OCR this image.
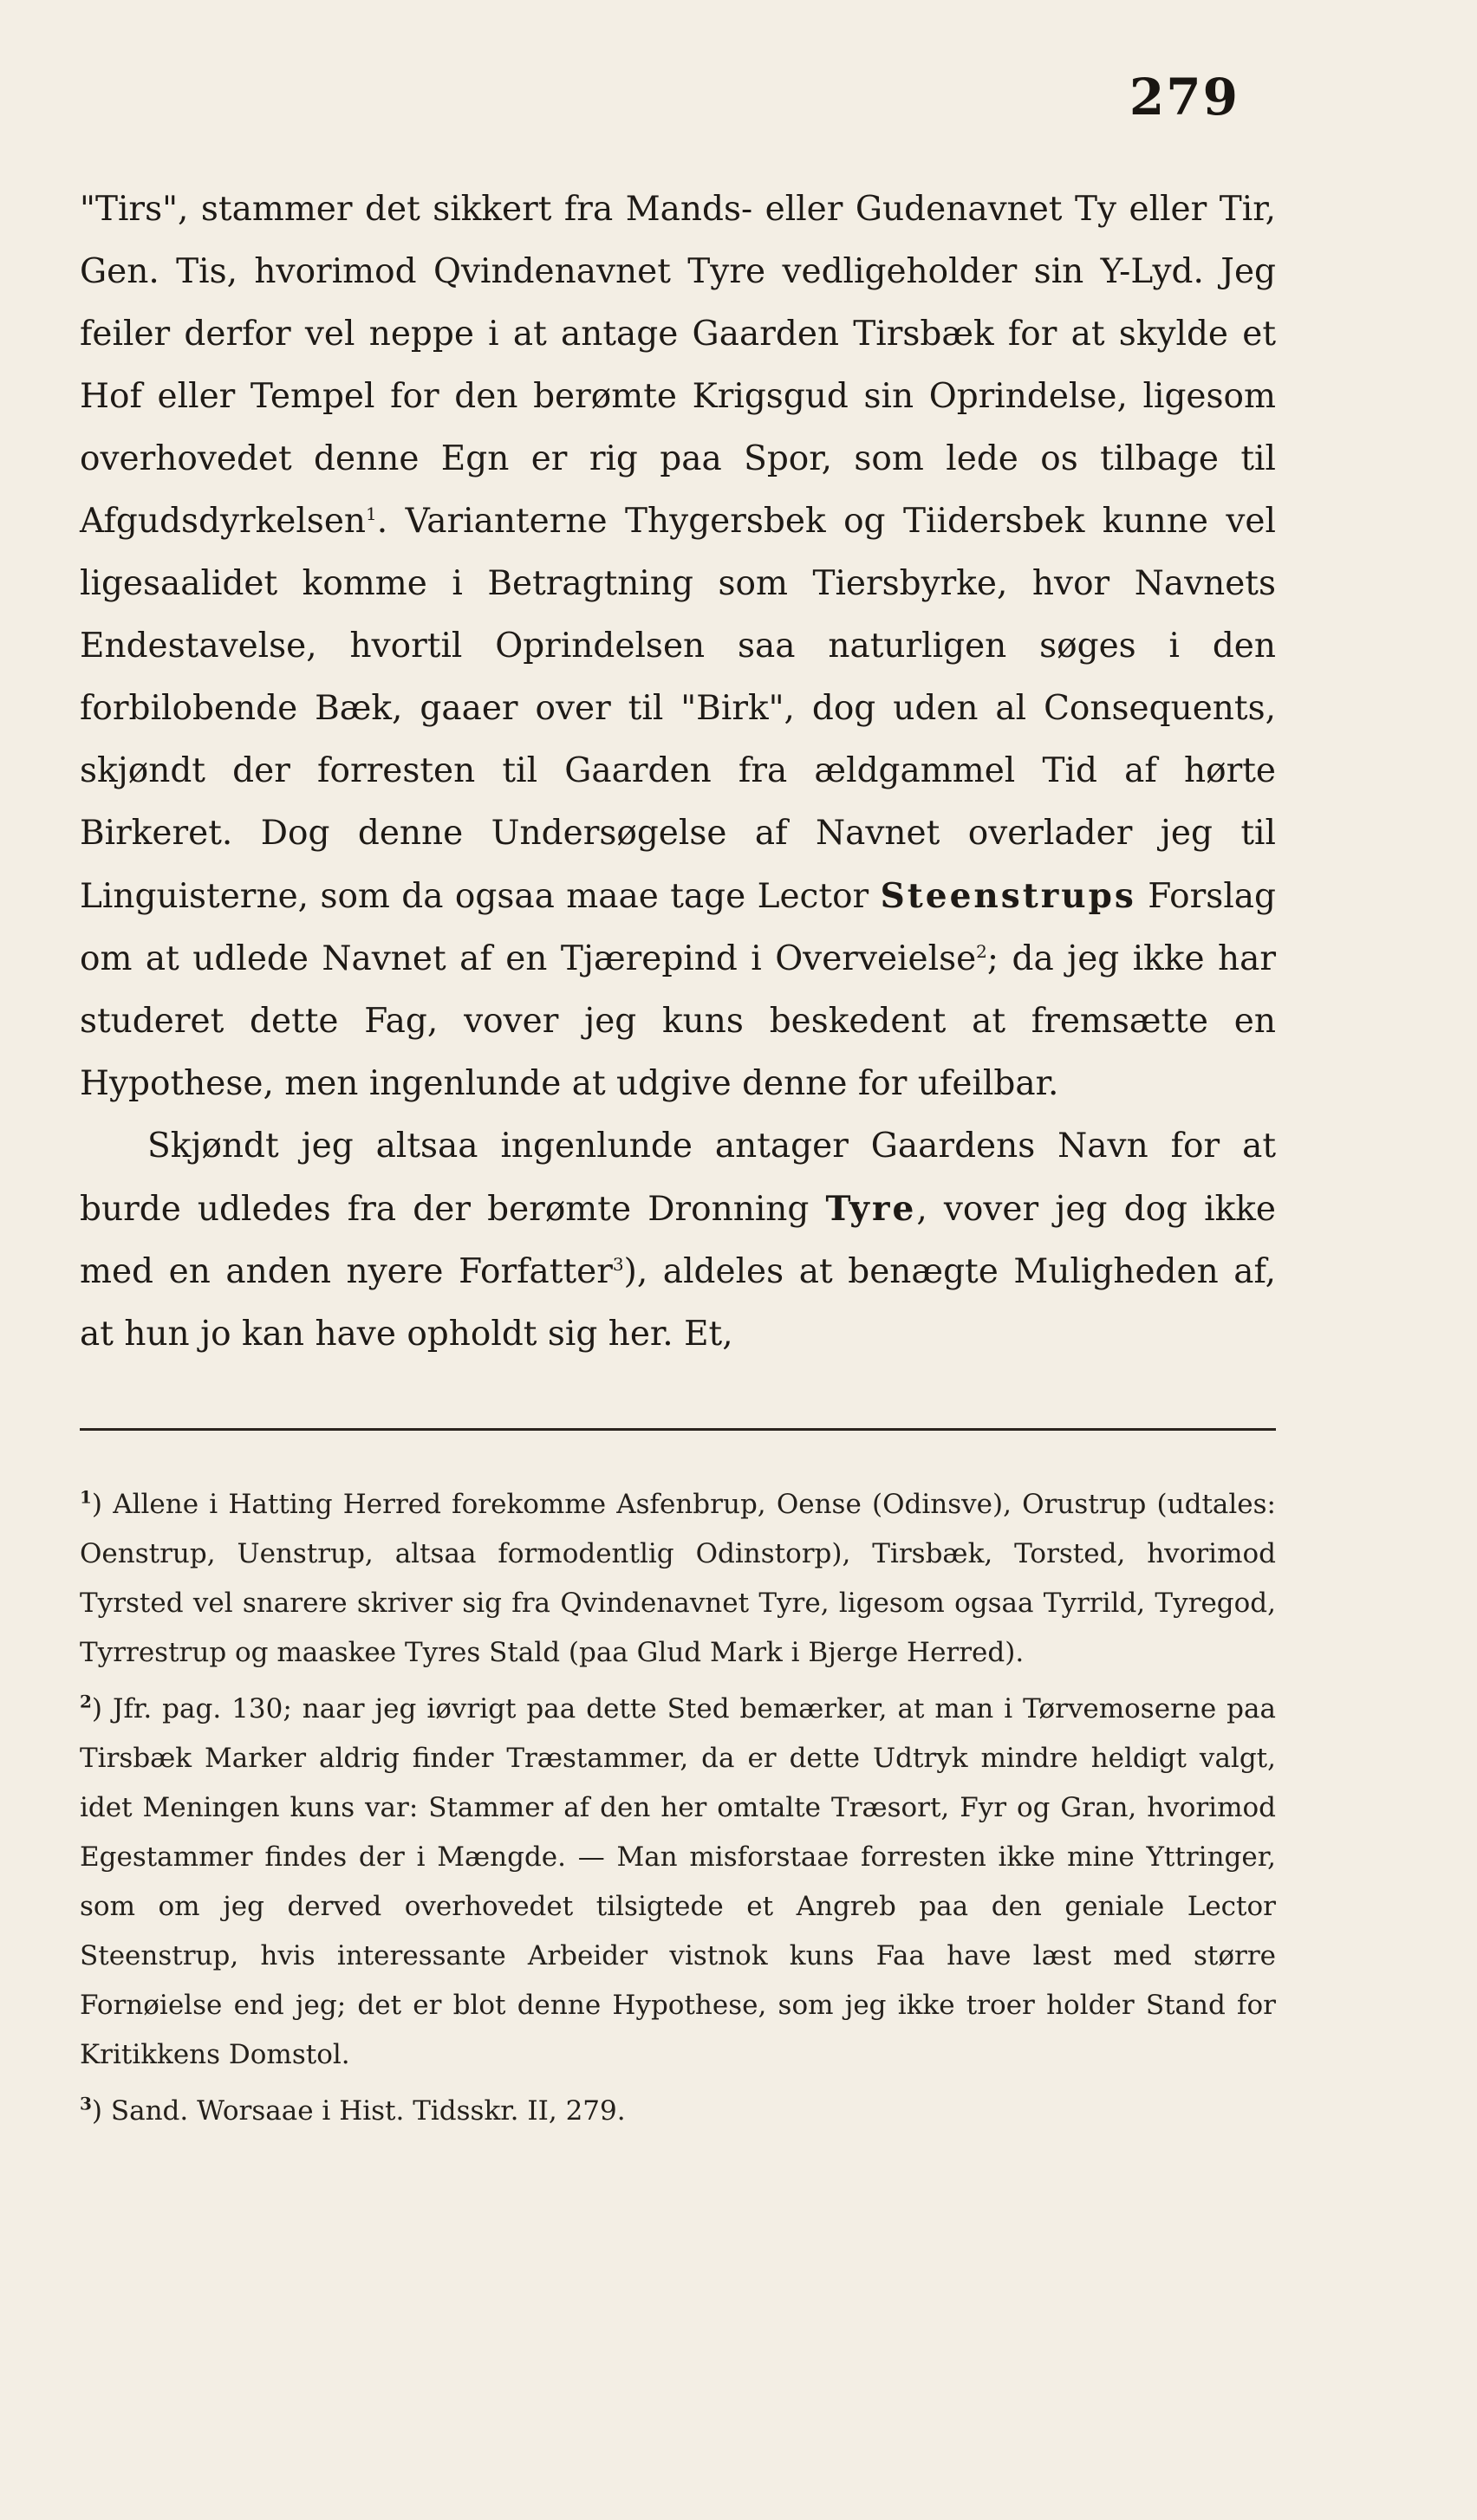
279

"Tirs", stammer det sikkert fra Mands- eller Gudenavnet Ty eller Tir, Gen. Tis, hvorimod Qvindenavnet Tyre vedligeholder sin Y-Lyd. Jeg feiler derfor vel neppe i at antage Gaarden Tirsbæk for at skylde et Hof eller Tempel for den berømte Krigsgud sin Oprindelse, ligesom overhovedet denne Egn er rig paa Spor, som lede os tilbage til Afgudsdyrkelsen$^1$. Varianterne Thygersbek og Tiidersbek kunne vel ligesaalidet komme i Betragtning som Tiersbyrke, hvor Navnets Endestavelse, hvortil Oprindelsen saa naturligen søges i den forbilobende Bæk, gaaer over til "Birk", dog uden al Consequents, skjøndt der forresten til Gaarden fra ældgammel Tid af hørte Birkeret. Dog denne Undersøgelse af Navnet overlader jeg til Linguisterne, som da ogsaa maae tage Lector Steenstrups Forslag om at udlede Navnet af en Tjærepind i Overveielse$^2$; da jeg ikke har studeret dette Fag, vover jeg kuns beskedent at fremsætte en Hypothese, men ingenlunde at udgive denne for ufeilbar.

Skjøndt jeg altsaa ingenlunde antager Gaardens Navn for at burde udledes fra der berømte Dronning Tyre, vover jeg dog ikke med en anden nyere Forfatter$^3$), aldeles at benægte Muligheden af, at hun jo kan have opholdt sig her. Et,

$^1$) Allene i Hatting Herred forekomme Asfenbrup, Oense (Odinsve), Orustrup (udtales: Oenstrup, Uenstrup, altsaa formodentlig Odinstorp), Tirsbæk, Torsted, hvorimod Tyrsted vel snarere skriver sig fra Qvindenavnet Tyre, ligesom ogsaa Tyrrild, Tyregod, Tyrrestrup og maaskee Tyres Stald (paa Glud Mark i Bjerge Herred).

$^2$) Jfr. pag. 130; naar jeg iøvrigt paa dette Sted bemærker, at man i Tørvemoserne paa Tirsbæk Marker aldrig finder Træstammer, da er dette Udtryk mindre heldigt valgt, idet Meningen kuns var: Stammer af den her omtalte Træsort, Fyr og Gran, hvorimod Egestammer findes der i Mængde. — Man misforstaae forresten ikke mine Yttringer, som om jeg derved overhovedet tilsigtede et Angreb paa den geniale Lector Steenstrup, hvis interessante Arbeider vistnok kuns Faa have læst med større Fornøielse end jeg; det er blot denne Hypothese, som jeg ikke troer holder Stand for Kritikkens Domstol.

$^3$) Sand. Worsaae i Hist. Tidsskr. II, 279.
